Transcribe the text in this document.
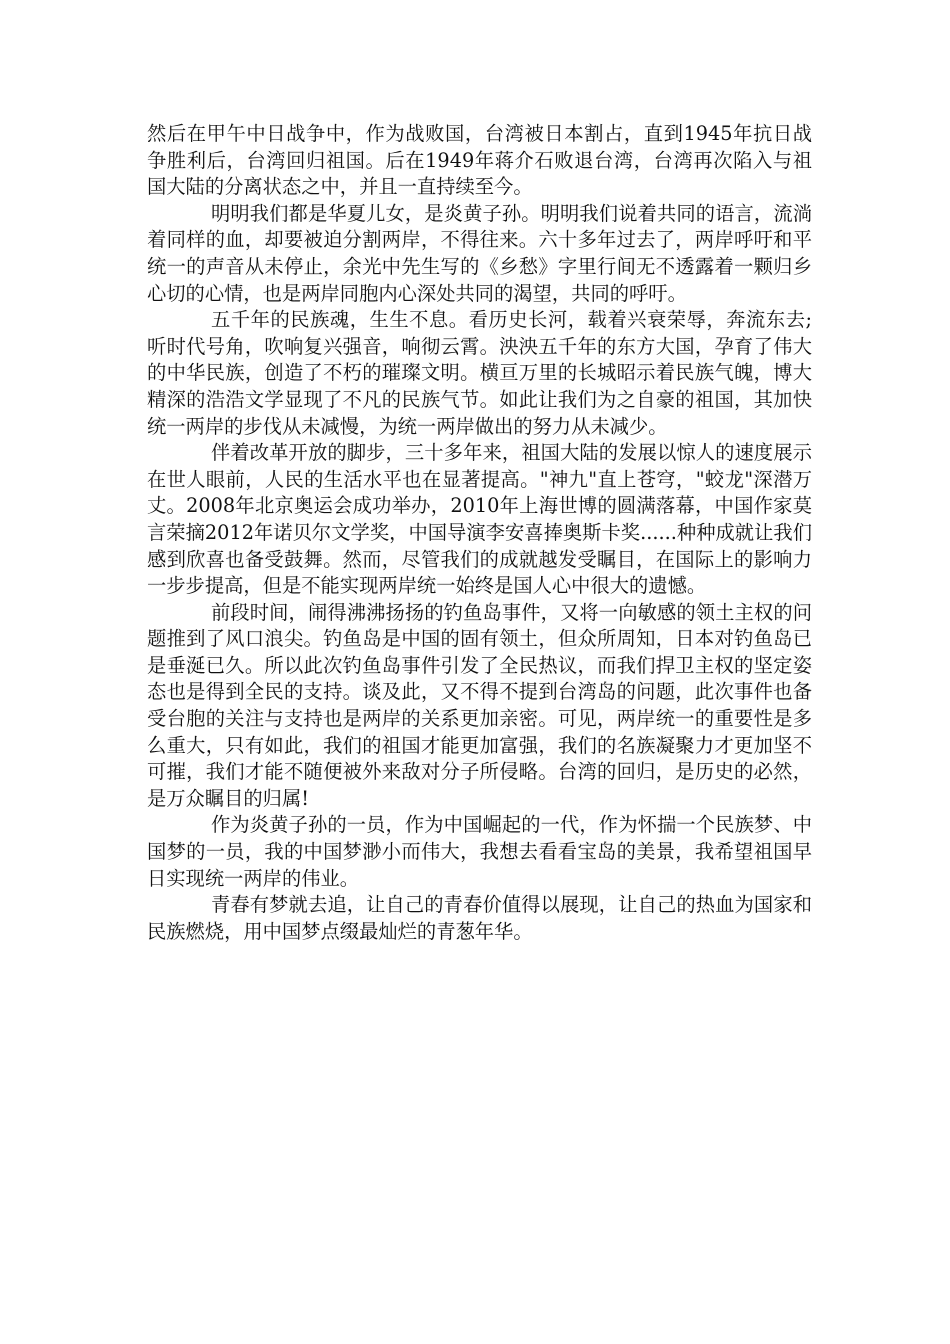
然后在甲午中日战争中，作为战败国，台湾被日本割占，直到1945年抗日战争胜利后，台湾回归祖国。后在1949年蒋介石败退台湾，台湾再次陷入与祖国大陆的分离状态之中，并且一直持续至今。

明明我们都是华夏儿女，是炎黄子孙。明明我们说着共同的语言，流淌着同样的血，却要被迫分割两岸，不得往来。六十多年过去了，两岸呼吁和平统一的声音从未停止，余光中先生写的《乡愁》字里行间无不透露着一颗归乡心切的心情，也是两岸同胞内心深处共同的渴望，共同的呼吁。

五千年的民族魂，生生不息。看历史长河，载着兴衰荣辱，奔流东去;听时代号角，吹响复兴强音，响彻云霄。泱泱五千年的东方大国，孕育了伟大的中华民族，创造了不朽的璀璨文明。横亘万里的长城昭示着民族气魄，博大精深的浩浩文学显现了不凡的民族气节。如此让我们为之自豪的祖国，其加快统一两岸的步伐从未减慢，为统一两岸做出的努力从未减少。

伴着改革开放的脚步，三十多年来，祖国大陆的发展以惊人的速度展示在世人眼前，人民的生活水平也在显著提高。"神九"直上苍穹，"蛟龙"深潜万丈。2008年北京奥运会成功举办，2010年上海世博的圆满落幕，中国作家莫言荣摘2012年诺贝尔文学奖，中国导演李安喜捧奥斯卡奖......种种成就让我们感到欣喜也备受鼓舞。然而，尽管我们的成就越发受瞩目，在国际上的影响力一步步提高，但是不能实现两岸统一始终是国人心中很大的遗憾。

前段时间，闹得沸沸扬扬的钓鱼岛事件，又将一向敏感的领土主权的问题推到了风口浪尖。钓鱼岛是中国的固有领土，但众所周知，日本对钓鱼岛已是垂涎已久。所以此次钓鱼岛事件引发了全民热议，而我们捍卫主权的坚定姿态也是得到全民的支持。谈及此，又不得不提到台湾岛的问题，此次事件也备受台胞的关注与支持也是两岸的关系更加亲密。可见，两岸统一的重要性是多么重大，只有如此，我们的祖国才能更加富强，我们的名族凝聚力才更加坚不可摧，我们才能不随便被外来敌对分子所侵略。台湾的回归，是历史的必然，是万众瞩目的归属!

作为炎黄子孙的一员，作为中国崛起的一代，作为怀揣一个民族梦、中国梦的一员，我的中国梦渺小而伟大，我想去看看宝岛的美景，我希望祖国早日实现统一两岸的伟业。

青春有梦就去追，让自己的青春价值得以展现，让自己的热血为国家和民族燃烧，用中国梦点缀最灿烂的青葱年华。
